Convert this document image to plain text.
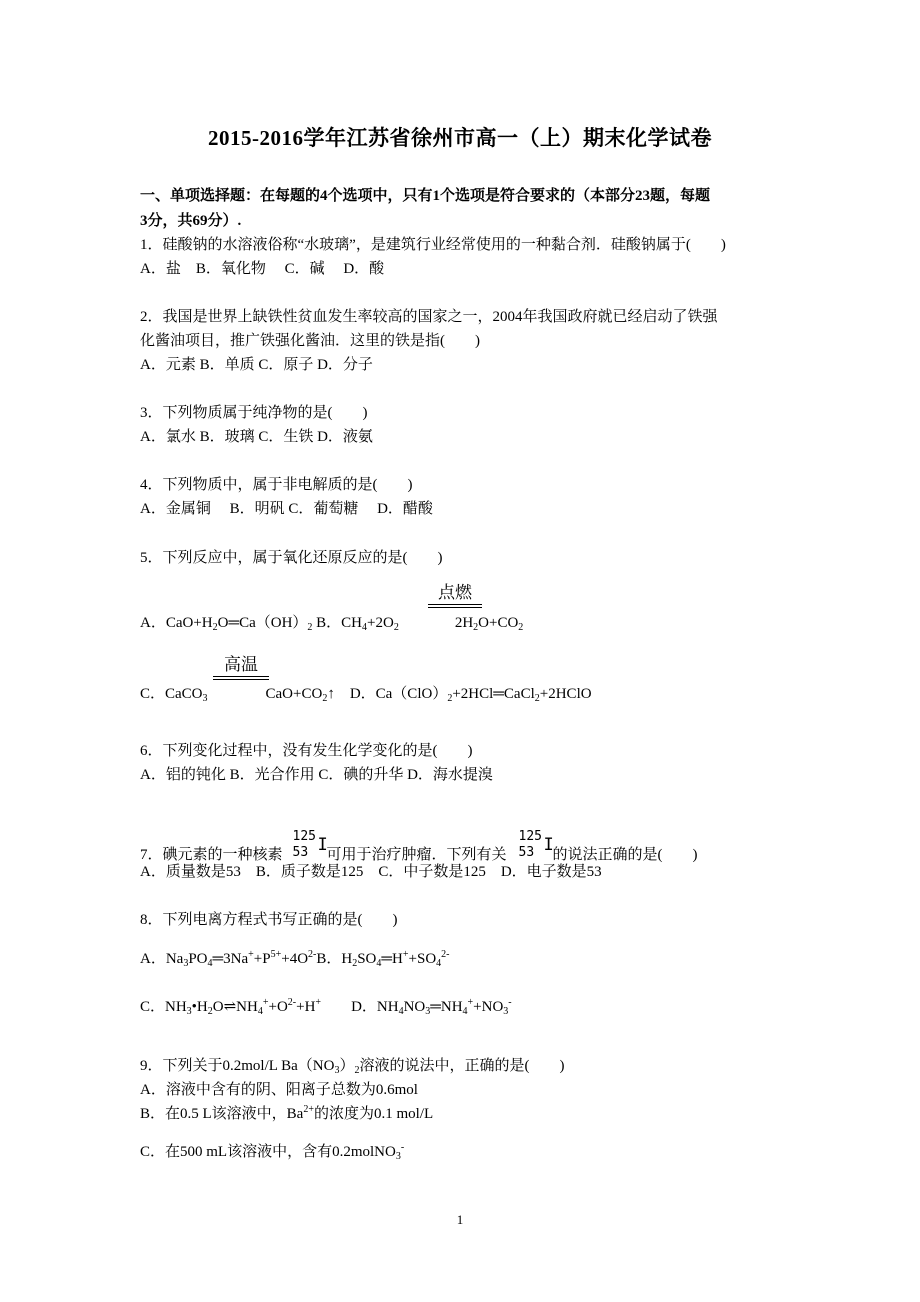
2015-2016学年江苏省徐州市高一（上）期末化学试卷
一、单项选择题：在每题的4个选项中，只有1个选项是符合要求的（本部分23题，每题
3分，共69分）.
1．硅酸钠的水溶液俗称“水玻璃”，是建筑行业经常使用的一种黏合剂．硅酸钠属于(　　)
A．盐　B．氧化物　 C．碱　 D．酸
2．我国是世界上缺铁性贫血发生率较高的国家之一，2004年我国政府就已经启动了铁强
化酱油项目，推广铁强化酱油．这里的铁是指(　　)
A．元素 B．单质 C．原子 D．分子
3．下列物质属于纯净物的是(　　)
A．氯水 B．玻璃 C．生铁 D．液氨
4．下列物质中，属于非电解质的是(　　)
A．金属铜　 B．明矾 C．葡萄糖　 D．醋酸
5．下列反应中，属于氧化还原反应的是(　　)
点燃
A．$CaO+H_2O═Ca(OH)_2$ B．$CH_4+2O_2$	$2H_2O+CO_2$
高温
C．CaCO$_3$	$CaO+CO_2↑$　D．$Ca(ClO)_2+2HCl═CaCl_2+2HClO$
6．下列变化过程中，没有发生化学变化的是(　　)
A．铝的钝化 B．光合作用 C．碘的升华 D．海水提溴
7．碘元素的一种核素
125
53 I
可用于治疗肿瘤．下列有关
125
53 I
的说法正确的是(　　)
A．质量数是53　B．质子数是125　C．中子数是125　D．电子数是53
8．下列电离方程式书写正确的是(　　)
A．$Na_3PO_4═3Na^++P^{5+}+4O^{2-}B$．$H_2SO_4═H^++SO_4^{2-}$
C．$NH_3•H_2O\rightleftharpoons NH_4^++O^{2-}+H^+$　　D．$NH_4NO_3═NH_4^++NO_3^-$
9．下列关于0.2mol/L $Ba(NO_3)_2$溶液的说法中，正确的是(　　)
A．溶液中含有的阴、阳离子总数为0.6mol
B．在0.5 L该溶液中，$Ba^{2+}$的浓度为0.1 mol/L
C．在500 mL该溶液中，含有0.2molNO$_3$-
1
